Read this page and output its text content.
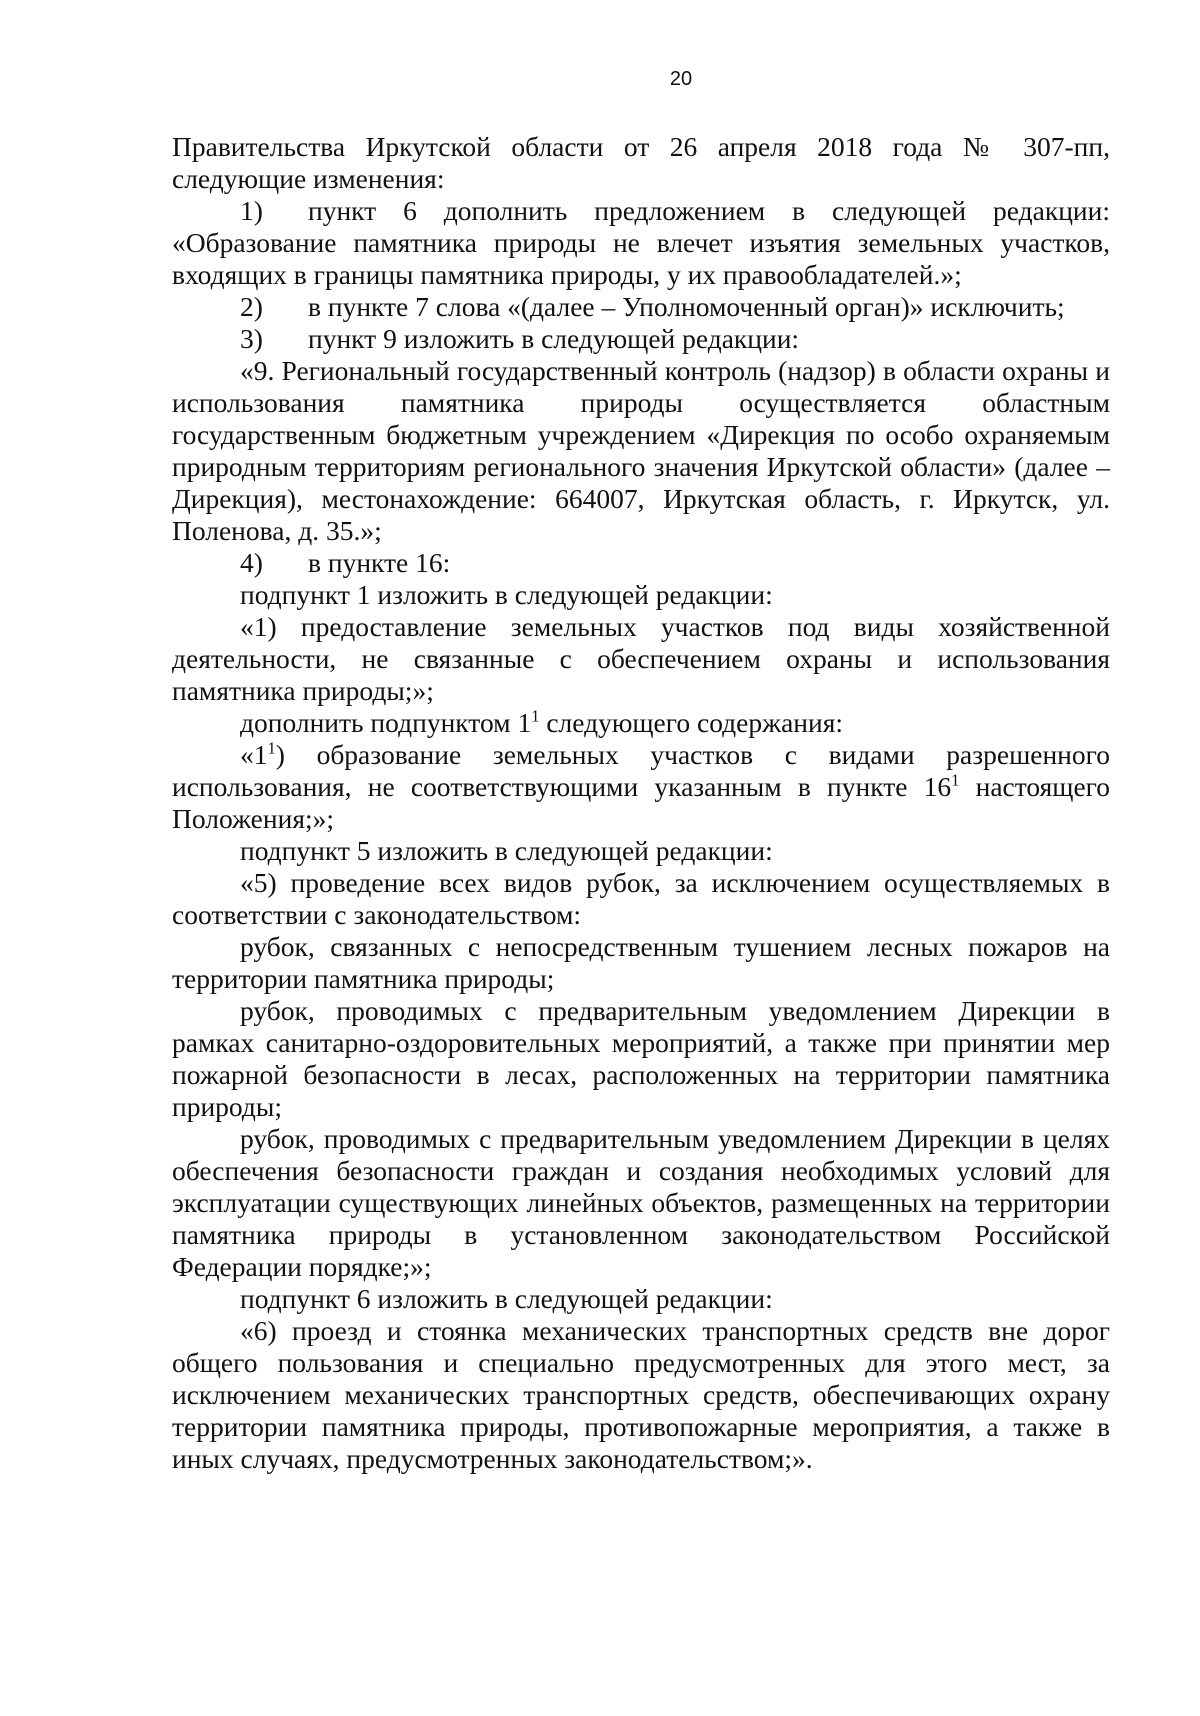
20

Правительства Иркутской области от 26 апреля 2018 года № 307-пп, следующие изменения:

1) пункт 6 дополнить предложением в следующей редакции: «Образование памятника природы не влечет изъятия земельных участков, входящих в границы памятника природы, у их правообладателей.»;

2) в пункте 7 слова «(далее – Уполномоченный орган)» исключить;

3) пункт 9 изложить в следующей редакции:

«9. Региональный государственный контроль (надзор) в области охраны и использования памятника природы осуществляется областным государственным бюджетным учреждением «Дирекция по особо охраняемым природным территориям регионального значения Иркутской области» (далее – Дирекция), местонахождение: 664007, Иркутская область, г. Иркутск, ул. Поленова, д. 35.»;

4) в пункте 16:

подпункт 1 изложить в следующей редакции:

«1) предоставление земельных участков под виды хозяйственной деятельности, не связанные с обеспечением охраны и использования памятника природы;»;

дополнить подпунктом $1^1$ следующего содержания:

«$1^1$) образование земельных участков с видами разрешенного использования, не соответствующими указанным в пункте $16^1$ настоящего Положения;»;

подпункт 5 изложить в следующей редакции:

«5) проведение всех видов рубок, за исключением осуществляемых в соответствии с законодательством:

рубок, связанных с непосредственным тушением лесных пожаров на территории памятника природы;

рубок, проводимых с предварительным уведомлением Дирекции в рамках санитарно-оздоровительных мероприятий, а также при принятии мер пожарной безопасности в лесах, расположенных на территории памятника природы;

рубок, проводимых с предварительным уведомлением Дирекции в целях обеспечения безопасности граждан и создания необходимых условий для эксплуатации существующих линейных объектов, размещенных на территории памятника природы в установленном законодательством Российской Федерации порядке;»;

подпункт 6 изложить в следующей редакции:

«6) проезд и стоянка механических транспортных средств вне дорог общего пользования и специально предусмотренных для этого мест, за исключением механических транспортных средств, обеспечивающих охрану территории памятника природы, противопожарные мероприятия, а также в иных случаях, предусмотренных законодательством;».
